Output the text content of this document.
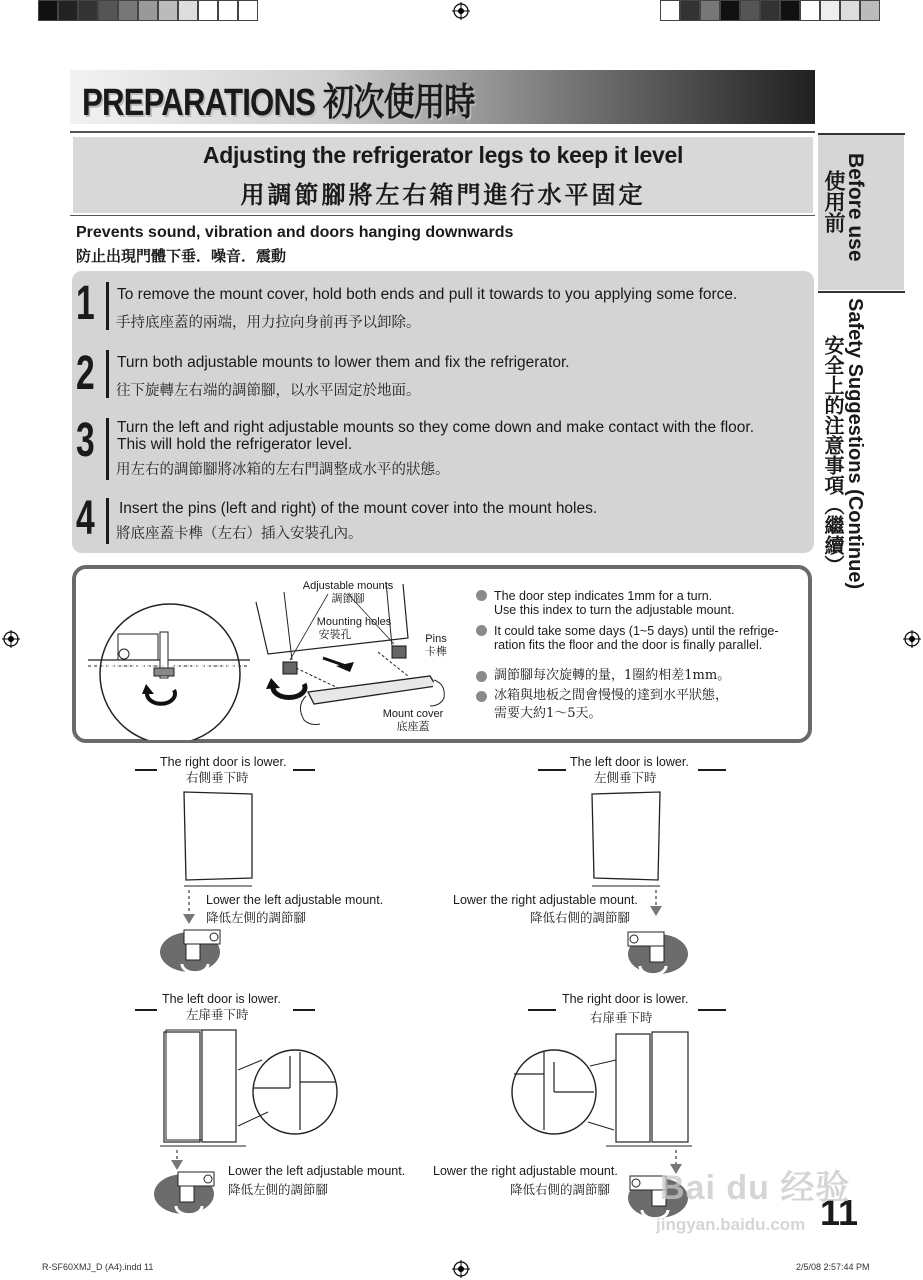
PREPARATIONS 初次使用時
Adjusting the refrigerator legs to keep it level
用調節腳將左右箱門進行水平固定
Prevents sound, vibration and doors hanging downwards
防止出現門體下垂．噪音．震動
1 To remove the mount cover, hold both ends and pull it towards to you applying some force.
手持底座蓋的兩端，用力拉向身前再予以卸除。
2 Turn both adjustable mounts to lower them and fix the refrigerator.
往下旋轉左右端的調節腳，以水平固定於地面。
3 Turn the left and right adjustable mounts so they come down and make contact with the floor.
This will hold the refrigerator level.
用左右的調節腳將冰箱的左右門調整成水平的狀態。
4 Insert the pins (left and right) of the mount cover into the mount holes.
將底座蓋卡榫（左右）插入安裝孔內。
Before use
使用前
Safety Suggestions (Continue)
安全上的注意事項（繼續）
Adjustable mounts
調節腳
Mounting holes
安裝孔	Pins
卡榫
Mount cover
底座蓋
The door step indicates 1mm for a turn.
Use this index to turn the adjustable mount.
It could take some days (1~5 days) until the refrige-
ration fits the floor and the door is finally parallel.
調節腳每次旋轉的量，1圈約相差1mm。
冰箱與地板之間會慢慢的達到水平狀態，
需要大約1～5天。
The right door is lower.
右側垂下時
Lower the left adjustable mount.
降低左側的調節腳
The left door is lower.
左側垂下時
Lower the right adjustable mount.
降低右側的調節腳
The left door is lower.
左扉垂下時
Lower the left adjustable mount.
降低左側的調節腳
The right door is lower.
右扉垂下時
Lower the right adjustable mount.
降低右側的調節腳
11
Bai du 经验
jingyan.baidu.com
R-SF60XMJ_D (A4).indd 11	2/5/08 2:57:44 PM
